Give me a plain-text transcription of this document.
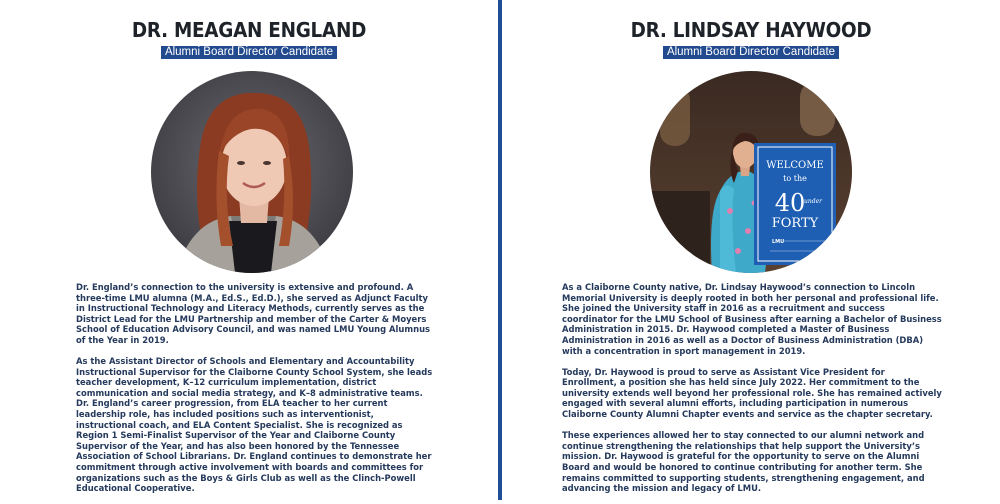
DR. MEAGAN ENGLAND
Alumni Board Director Candidate

Dr. England’s connection to the university is extensive and profound. A three-time LMU alumna (M.A., Ed.S., Ed.D.), she served as Adjunct Faculty in Instructional Technology and Literacy Methods, currently serves as the District Lead for the LMU Partnership and member of the Carter & Moyers School of Education Advisory Council, and was named LMU Young Alumnus of the Year in 2019.

As the Assistant Director of Schools and Elementary and Accountability Instructional Supervisor for the Claiborne County School System, she leads teacher development, K–12 curriculum implementation, district communication and social media strategy, and K–8 administrative teams. Dr. England’s career progression, from ELA teacher to her current leadership role, has included positions such as interventionist, instructional coach, and ELA Content Specialist. She is recognized as Region 1 Semi-Finalist Supervisor of the Year and Claiborne County Supervisor of the Year, and has also been honored by the Tennessee Association of School Librarians. Dr. England continues to demonstrate her commitment through active involvement with boards and committees for organizations such as the Boys & Girls Club as well as the Clinch-Powell Educational Cooperative.

DR. LINDSAY HAYWOOD
Alumni Board Director Candidate
WELCOME
to the
40
under
FORTY
LMU

As a Claiborne County native, Dr. Lindsay Haywood’s connection to Lincoln Memorial University is deeply rooted in both her personal and professional life. She joined the University staff in 2016 as a recruitment and success coordinator for the LMU School of Business after earning a Bachelor of Business Administration in 2015. Dr. Haywood completed a Master of Business Administration in 2016 as well as a Doctor of Business Administration (DBA) with a concentration in sport management in 2019.

Today, Dr. Haywood is proud to serve as Assistant Vice President for Enrollment, a position she has held since July 2022. Her commitment to the university extends well beyond her professional role. She has remained actively engaged with several alumni efforts, including participation in numerous Claiborne County Alumni Chapter events and service as the chapter secretary.

These experiences allowed her to stay connected to our alumni network and continue strengthening the relationships that help support the University’s mission. Dr. Haywood is grateful for the opportunity to serve on the Alumni Board and would be honored to continue contributing for another term. She remains committed to supporting students, strengthening engagement, and advancing the mission and legacy of LMU.
